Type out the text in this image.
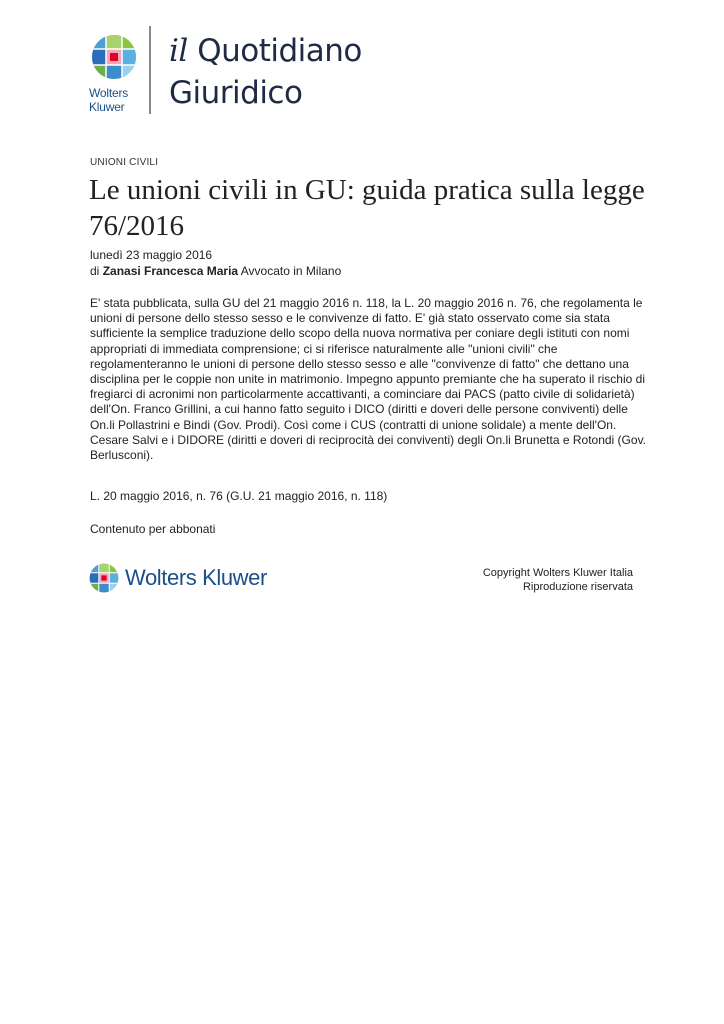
Wolters
Kluwer
il Quotidiano
Giuridico
UNIONI CIVILI
Le unioni civili in GU: guida pratica sulla legge 76/2016
lunedì 23 maggio 2016
di Zanasi Francesca Maria Avvocato in Milano

E' stata pubblicata, sulla GU del 21 maggio 2016 n. 118, la L. 20 maggio 2016 n. 76, che regolamenta le unioni di persone dello stesso sesso e le convivenze di fatto. E' già stato osservato come sia stata sufficiente la semplice traduzione dello scopo della nuova normativa per coniare degli istituti con nomi appropriati di immediata comprensione; ci si riferisce naturalmente alle "unioni civili" che regolamenteranno le unioni di persone dello stesso sesso e alle "convivenze di fatto" che dettano una disciplina per le coppie non unite in matrimonio. Impegno appunto premiante che ha superato il rischio di fregiarci di acronimi non particolarmente accattivanti, a cominciare dai PACS (patto civile di solidarietà) dell'On. Franco Grillini, a cui hanno fatto seguito i DICO (diritti e doveri delle persone conviventi) delle On.li Pollastrini e Bindi (Gov. Prodi). Così come i CUS (contratti di unione solidale) a mente dell'On. Cesare Salvi e i DIDORE (diritti e doveri di reciprocità dei conviventi) degli On.li Brunetta e Rotondi (Gov. Berlusconi).

L. 20 maggio 2016, n. 76 (G.U. 21 maggio 2016, n. 118)
Contenuto per abbonati
Wolters Kluwer	Copyright Wolters Kluwer Italia
Riproduzione riservata
